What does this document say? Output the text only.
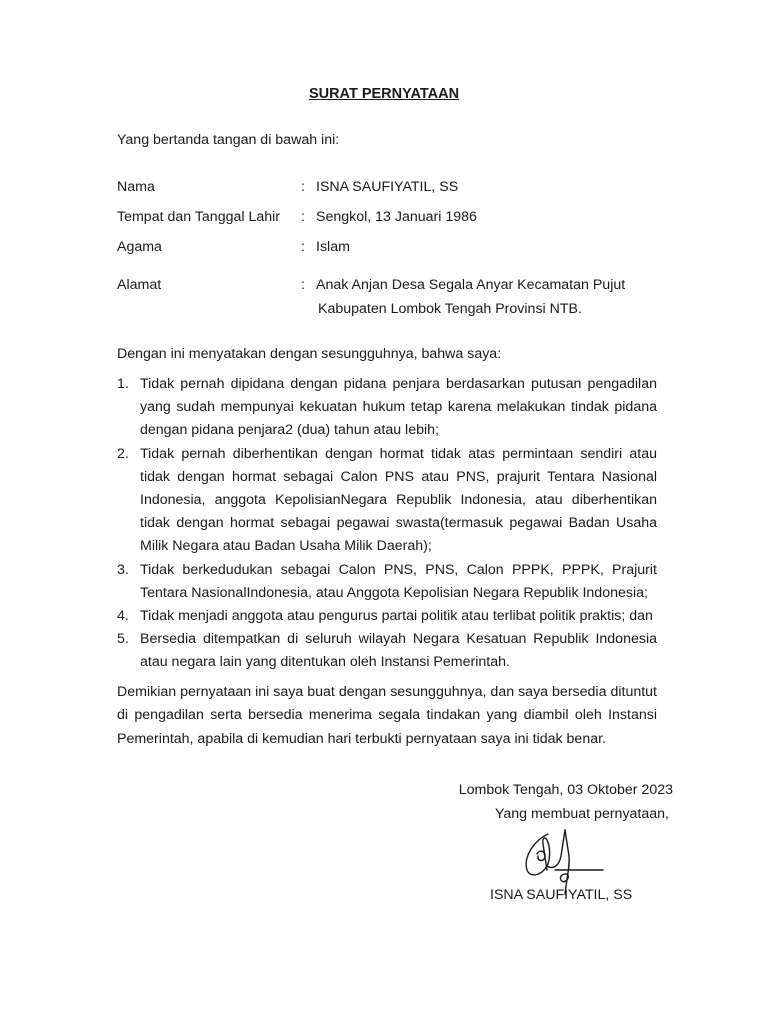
SURAT PERNYATAAN
Yang bertanda tangan di bawah ini:
Nama	: ISNA SAUFIYATIL, SS
Tempat dan Tanggal Lahir : Sengkol, 13 Januari 1986
Agama	: Islam
Alamat	: Anak Anjan Desa Segala Anyar Kecamatan Pujut
Kabupaten Lombok Tengah Provinsi NTB.
Dengan ini menyatakan dengan sesungguhnya, bahwa saya:
1. Tidak pernah dipidana dengan pidana penjara berdasarkan putusan pengadilan yang sudah mempunyai kekuatan hukum tetap karena melakukan tindak pidana dengan pidana penjara2 (dua) tahun atau lebih;
2. Tidak pernah diberhentikan dengan hormat tidak atas permintaan sendiri atau tidak dengan hormat sebagai Calon PNS atau PNS, prajurit Tentara Nasional Indonesia, anggota KepolisianNegara Republik Indonesia, atau diberhentikan tidak dengan hormat sebagai pegawai swasta(termasuk pegawai Badan Usaha Milik Negara atau Badan Usaha Milik Daerah);
3. Tidak berkedudukan sebagai Calon PNS, PNS, Calon PPPK, PPPK, Prajurit Tentara NasionalIndonesia, atau Anggota Kepolisian Negara Republik Indonesia;
4. Tidak menjadi anggota atau pengurus partai politik atau terlibat politik praktis; dan
5. Bersedia ditempatkan di seluruh wilayah Negara Kesatuan Republik Indonesia atau negara lain yang ditentukan oleh Instansi Pemerintah.
Demikian pernyataan ini saya buat dengan sesungguhnya, dan saya bersedia dituntut di pengadilan serta bersedia menerima segala tindakan yang diambil oleh Instansi Pemerintah, apabila di kemudian hari terbukti pernyataan saya ini tidak benar.
Lombok Tengah, 03 Oktober 2023
Yang membuat pernyataan,
ISNA SAUFIYATIL, SS
